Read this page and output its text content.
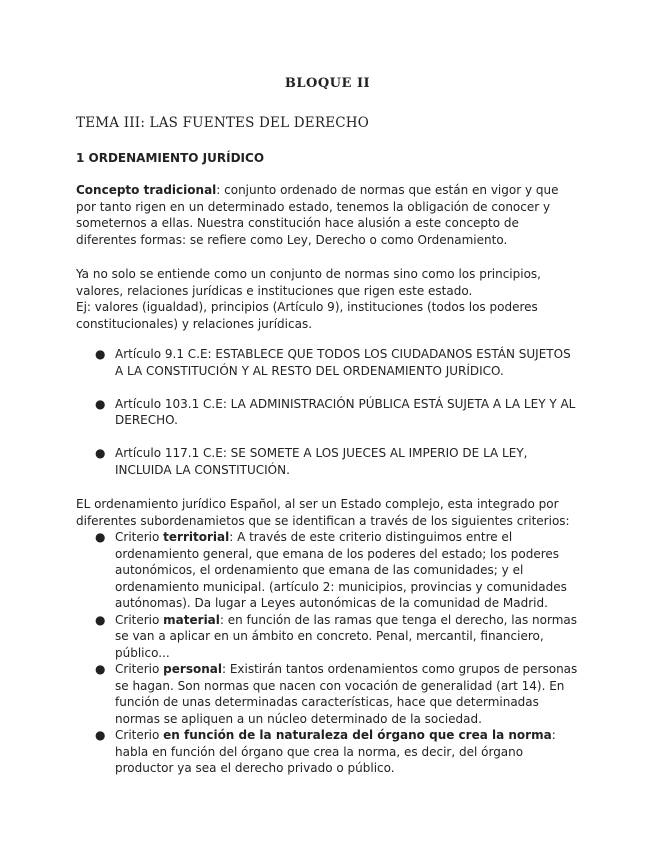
BLOQUE II
TEMA III: LAS FUENTES DEL DERECHO
1 ORDENAMIENTO JURÍDICO

Concepto tradicional: conjunto ordenado de normas que están en vigor y que por tanto rigen en un determinado estado, tenemos la obligación de conocer y someternos a ellas. Nuestra constitución hace alusión a este concepto de diferentes formas: se refiere como Ley, Derecho o como Ordenamiento.

Ya no solo se entiende como un conjunto de normas sino como los principios, valores, relaciones jurídicas e instituciones que rigen este estado.
Ej: valores (igualdad), principios (Artículo 9), instituciones (todos los poderes constitucionales) y relaciones jurídicas.

● Artículo 9.1 C.E: ESTABLECE QUE TODOS LOS CIUDADANOS ESTÁN SUJETOS A LA CONSTITUCIÓN Y AL RESTO DEL ORDENAMIENTO JURÍDICO.
● Artículo 103.1 C.E: LA ADMINISTRACIÓN PÚBLICA ESTÁ SUJETA A LA LEY Y AL DERECHO.
● Artículo 117.1 C.E: SE SOMETE A LOS JUECES AL IMPERIO DE LA LEY, INCLUIDA LA CONSTITUCIÓN.

EL ordenamiento jurídico Español, al ser un Estado complejo, esta integrado por diferentes subordenamietos que se identifican a través de los siguientes criterios:

● Criterio territorial: A través de este criterio distinguimos entre el ordenamiento general, que emana de los poderes del estado; los poderes autonómicos, el ordenamiento que emana de las comunidades; y el ordenamiento municipal. (artículo 2: municipios, provincias y comunidades autónomas). Da lugar a Leyes autonómicas de la comunidad de Madrid.
● Criterio material: en función de las ramas que tenga el derecho, las normas se van a aplicar en un ámbito en concreto. Penal, mercantil, financiero, público...
● Criterio personal: Existirán tantos ordenamientos como grupos de personas se hagan. Son normas que nacen con vocación de generalidad (art 14). En función de unas determinadas características, hace que determinadas normas se apliquen a un núcleo determinado de la sociedad.
● Criterio en función de la naturaleza del órgano que crea la norma: habla en función del órgano que crea la norma, es decir, del órgano productor ya sea el derecho privado o público.
